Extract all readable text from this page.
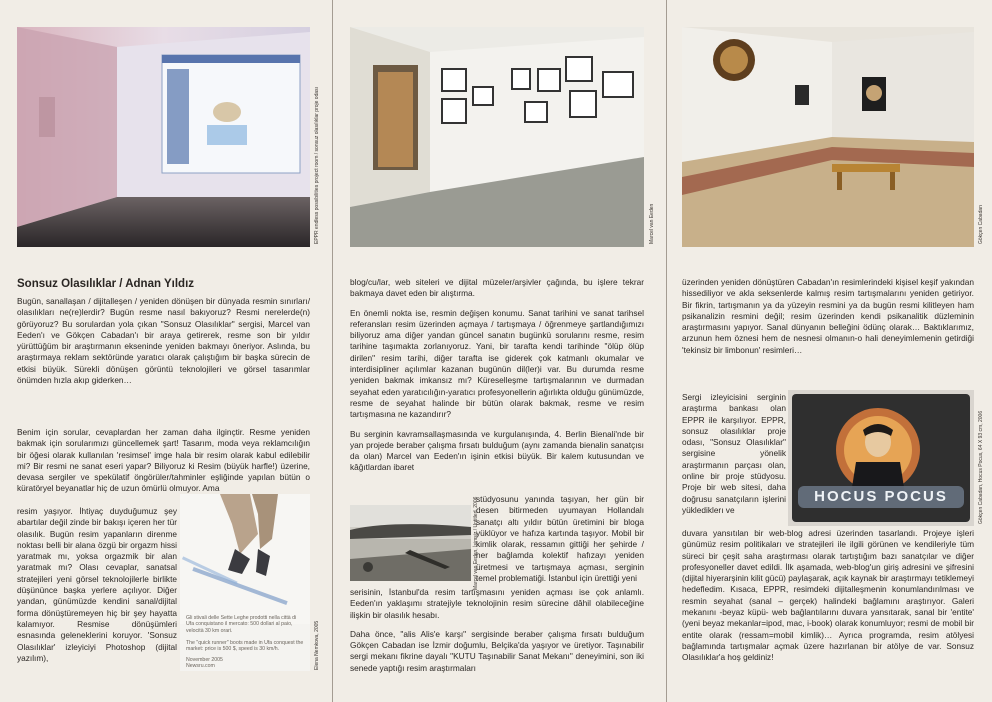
EPPR endless possibilities project room / sonsuz olasılıklar proje odası
Sonsuz Olasılıklar / Adnan Yıldız

Bugün, sanallaşan / dijitalleşen / yeniden dönüşen bir dünyada resmin sınırları/ olasılıkları ne(re)lerdir? Bugün resme nasıl bakıyoruz? Resmi nerelerde(n) görüyoruz? Bu sorulardan yola çıkan "Sonsuz Olasılıklar" sergisi, Marcel van Eeden'ı ve Gökçen Cabadan'ı bir araya getirerek, resme son bir yıldır yürüttüğüm bir araştırmanın ekseninde yeniden bakmayı öneriyor. Aslında, bu araştırmaya reklam sektöründe yaratıcı olarak çalıştığım bir başka sürecin de etkisi büyük. Sürekli dönüşen görüntü teknolojileri ve görsel tasarımlar önümden hızla akıp giderken…

Benim için sorular, cevaplardan her zaman daha ilginçtir. Resme yeniden bakmak için sorularımızı güncellemek şart! Tasarım, moda veya reklamcılığın bir öğesi olarak kullanılan 'resimsel' imge hala bir resim olarak kabul edilebilir mi? Bir resmi ne sanat eseri yapar? Biliyoruz ki Resim (büyük harfle!) üzerine, devasa sergiler ve spekülatif öngörüler/tahminler eşliğinde yapılan bütün o küratöryel beyanatlar hiç de uzun ömürlü olmuyor. Ama

resim yaşıyor. İhtiyaç duyduğumuz şey abartılar değil zinde bir bakışı içeren her tür olasılık. Bugün resim yapanların direnme noktası belli bir alana özgü bir orgazm hissi yaratmak mı, yoksa orgazmik bir alan yaratmak mı? Olası cevaplar, sanatsal stratejileri yeni görsel teknolojilerle birlikte düşününce başka yerlere açılıyor. Diğer yandan, günümüzde kendini sanal/dijital forma dönüştüremeyen hiç bir şey hayatta kalamıyor. Resmise dönüşümleri esnasında geleneklerini koruyor. 'Sonsuz Olasılıklar' izleyiciyi Photoshop (dijital yazılım),

Gli stivali delle Sette Leghe prodotti nella città di Ufa conquistano il mercato: 500 dollari al paio, velocità 30 km orari.
The "quick runner" boots made in Ufa conquest the market: price is 500 $, speed is 30 km/h.
November 2005
Newsru.com	Elena Nemkova, 2005
Marcel van Eeden

blog/cu/lar, web siteleri ve dijital müzeler/arşivler çağında, bu işlere tekrar bakmaya davet eden bir alıştırma.

En önemli nokta ise, resmin değişen konumu. Sanat tarihini ve sanat tarihsel referansları resim üzerinden açmaya / tartışmaya / öğrenmeye şartlandığımızı biliyoruz ama diğer yandan güncel sanatın bugünkü sorularını resme, resim tarihine taşımakta zorlanıyoruz. Yani, bir tarafta kendi tarihinde "ölüp ölüp dirilen" resim tarihi, diğer tarafta ise giderek çok katmanlı okumalar ve interdisipliner açılımlar kazanan bugünün dil(ler)i var. Bu durumda resme yeniden bakmak imkansız mı? Küreselleşme tartışmalarının ve durmadan seyahat eden yaratıcılığın-yaratıcı profesyonellerin ağırlıkta olduğu günümüzde, resme de seyahat halinde bir bütün olarak bakmak, resme ve resim tartışmasına ne kazandırır?

Bu serginin kavramsallaşmasında ve kurgulanışında, 4. Berlin Bienali'nde bir yan projede beraber çalışma fırsatı bulduğum (aynı zamanda bienalin sanatçısı da olan) Marcel van Eeden'ın işinin etkisi büyük. Bir kalem kutusundan ve kâğıtlardan ibaret

stüdyosunu yanında taşıyan, her gün bir desen bitirmeden uyumayan Hollandalı sanatçı altı yıldır bütün üretimini bir bloga yüklüyor ve hafıza kartında taşıyor. Mobil bir kimlik olarak, ressamın gittiği her şehirde / her bağlamda kolektif hafızayı yeniden üretmesi ve tartışmaya açması, serginin temel problematiği. İstanbul için ürettiği yeni

serisinin, İstanbul'da resim tartışmasını yeniden açması ise çok anlamlı. Eeden'ın yaklaşımı stratejiyle teknolojinin resim sürecine dâhil olabileceğine ilişkin bir olasılık hesabı.

Daha önce, "alis Alis'e karşı" sergisinde beraber çalışma fırsatı bulduğum Gökçen Cabadan ise İzmir doğumlu, Belçika'da yaşıyor ve üretiyor. Taşınabilir sergi mekanı fikrine dayalı "KUTU Taşınabilir Sanat Mekanı" deneyimini, son iki senede yaptığı resim araştırmaları

Marcel van Eeden, İsimsiz / Untitled, 2006
Gökçen Cabadan

üzerinden yeniden dönüştüren Cabadan'ın resimlerindeki kişisel keşif yakından hissediliyor ve akla seksenlerde kalmış resim tartışmalarını yeniden getiriyor. Bir fikrin, tartışmanın ya da yüzeyin resmini ya da bugün resmi kilitleyen ham psikanalizin resmini değil; resim üzerinden kendi psikanalitik düzleminin araştırmasını yapıyor. Sanal dünyanın belleğini ödünç olarak… Baktıklarımız, arzunun hem öznesi hem de nesnesi olmanın-o hali deneyimlemenin getirdiği 'tekinsiz bir limbonun' resimleri…

Sergi izleyicisini serginin araştırma bankası olan EPPR ile karşılıyor. EPPR, sonsuz olasılıklar proje odası, "Sonsuz Olasılıklar" sergisine yönelik araştırmanın parçası olan, online bir proje stüdyosu. Proje bir web sitesi, daha doğrusu sanatçıların işlerini yüklediklerı ve

duvara yansıtılan bir web-blog adresi üzerinden tasarlandı. Projeye işleri günümüz resim politikaları ve stratejileri ile ilgili görünen ve kendileriyle tüm süreci bir çeşit saha araştırması olarak tartıştığım bazı sanatçılar ve diğer profesyoneller davet edildi. İlk aşamada, web-blog'un giriş adresini ve şifresini (dijital hiyerarşinin kilit gücü) paylaşarak, açık kaynak bir araştırmayı tetiklemeyi hedefledim. Kısaca, EPPR, resimdeki dijitalleşmenin konumlandırılması ve resmin seyahat (sanal – gerçek) halindeki bağlamını araştırıyor. Galeri mekanını -beyaz küpü- web bağlantılarını duvara yansıtarak, sanal bir 'entite' (yeni beyaz mekanlar=ipod, mac, i-book) olarak konumluyor; resmi de mobil bir entite olarak (ressam=mobil kimlik)… Ayrıca programda, resim atölyesi bağlamında tartışmalar açmak üzere hazırlanan bir atölye de var. Sonsuz Olasılıklar'a hoş geldiniz!

HOCUS POCUS	Gökçen Cabadan, Hocus Pocus, 64 X 93 cm, 2006
